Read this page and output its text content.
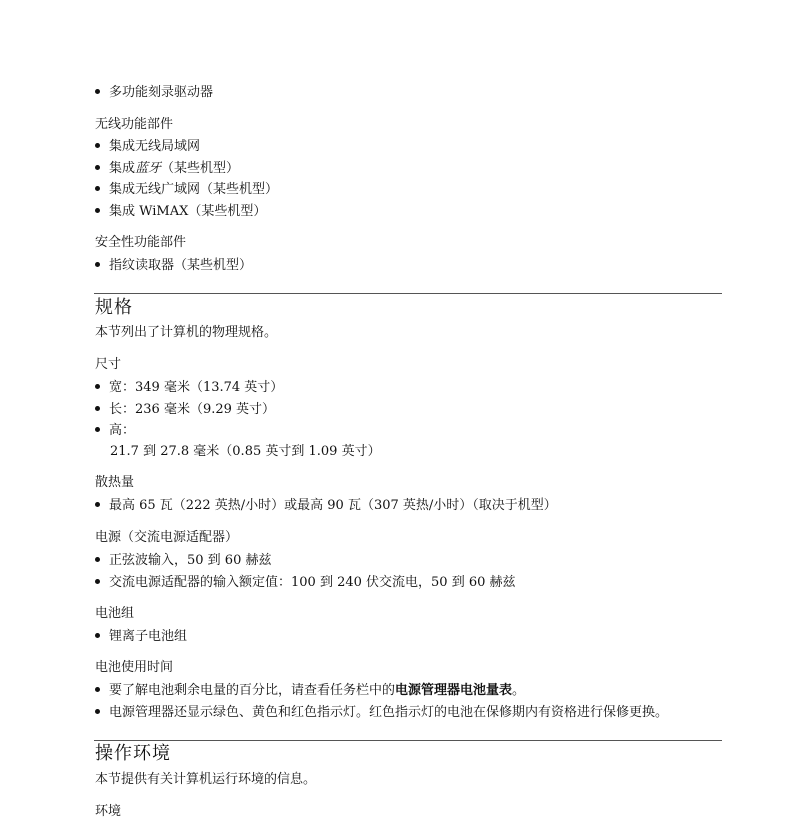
多功能刻录驱动器
无线功能部件
集成无线局域网
集成蓝牙（某些机型）
集成无线广域网（某些机型）
集成 WiMAX（某些机型）
安全性功能部件
指纹读取器（某些机型）
规格
本节列出了计算机的物理规格。
尺寸
宽：349 毫米（13.74 英寸）
长：236 毫米（9.29 英寸）
高：
21.7 到 27.8 毫米（0.85 英寸到 1.09 英寸）
散热量
最高 65 瓦（222 英热/小时）或最高 90 瓦（307 英热/小时）（取决于机型）
电源（交流电源适配器）
正弦波输入，50 到 60 赫兹
交流电源适配器的输入额定值：100 到 240 伏交流电，50 到 60 赫兹
电池组
锂离子电池组
电池使用时间
要了解电池剩余电量的百分比，请查看任务栏中的电源管理器电池量表。
电源管理器还显示绿色、黄色和红色指示灯。红色指示灯的电池在保修期内有资格进行保修更换。
操作环境
本节提供有关计算机运行环境的信息。
环境
